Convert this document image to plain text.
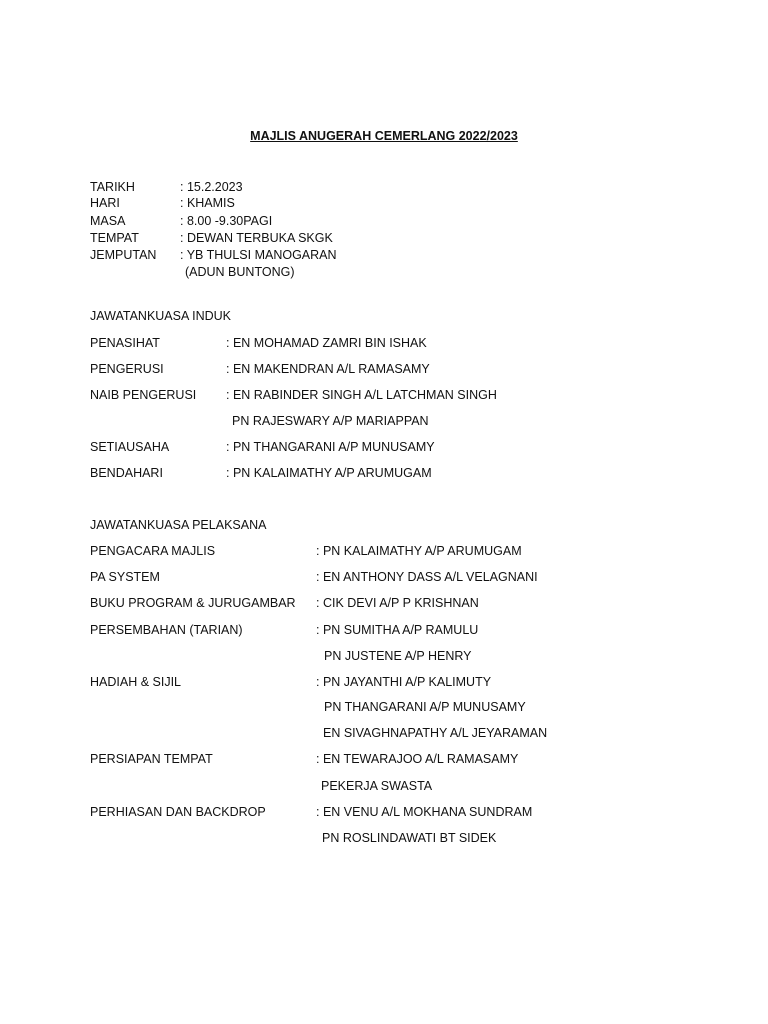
MAJLIS ANUGERAH CEMERLANG 2022/2023
TARIKH	: 15.2.2023
HARI	: KHAMIS
MASA	: 8.00 -9.30PAGI
TEMPAT	: DEWAN TERBUKA SKGK
JEMPUTAN : YB THULSI MANOGARAN
(ADUN BUNTONG)
JAWATANKUASA INDUK
PENASIHAT	: EN MOHAMAD ZAMRI BIN ISHAK
PENGERUSI	: EN MAKENDRAN A/L RAMASAMY
NAIB PENGERUSI : EN RABINDER SINGH A/L LATCHMAN SINGH
PN RAJESWARY A/P MARIAPPAN
SETIAUSAHA	: PN THANGARANI A/P MUNUSAMY
BENDAHARI	: PN KALAIMATHY A/P ARUMUGAM
JAWATANKUASA PELAKSANA
PENGACARA MAJLIS	: PN KALAIMATHY A/P ARUMUGAM
PA SYSTEM	: EN ANTHONY DASS A/L VELAGNANI
BUKU PROGRAM & JURUGAMBAR : CIK DEVI A/P P KRISHNAN
PERSEMBAHAN (TARIAN)	: PN SUMITHA A/P RAMULU
PN JUSTENE A/P HENRY
HADIAH & SIJIL	: PN JAYANTHI A/P KALIMUTY
PN THANGARANI A/P MUNUSAMY
EN SIVAGHNAPATHY A/L JEYARAMAN
PERSIAPAN TEMPAT	: EN TEWARAJOO A/L RAMASAMY
PEKERJA SWASTA
PERHIASAN DAN BACKDROP	: EN VENU A/L MOKHANA SUNDRAM
PN ROSLINDAWATI BT SIDEK
